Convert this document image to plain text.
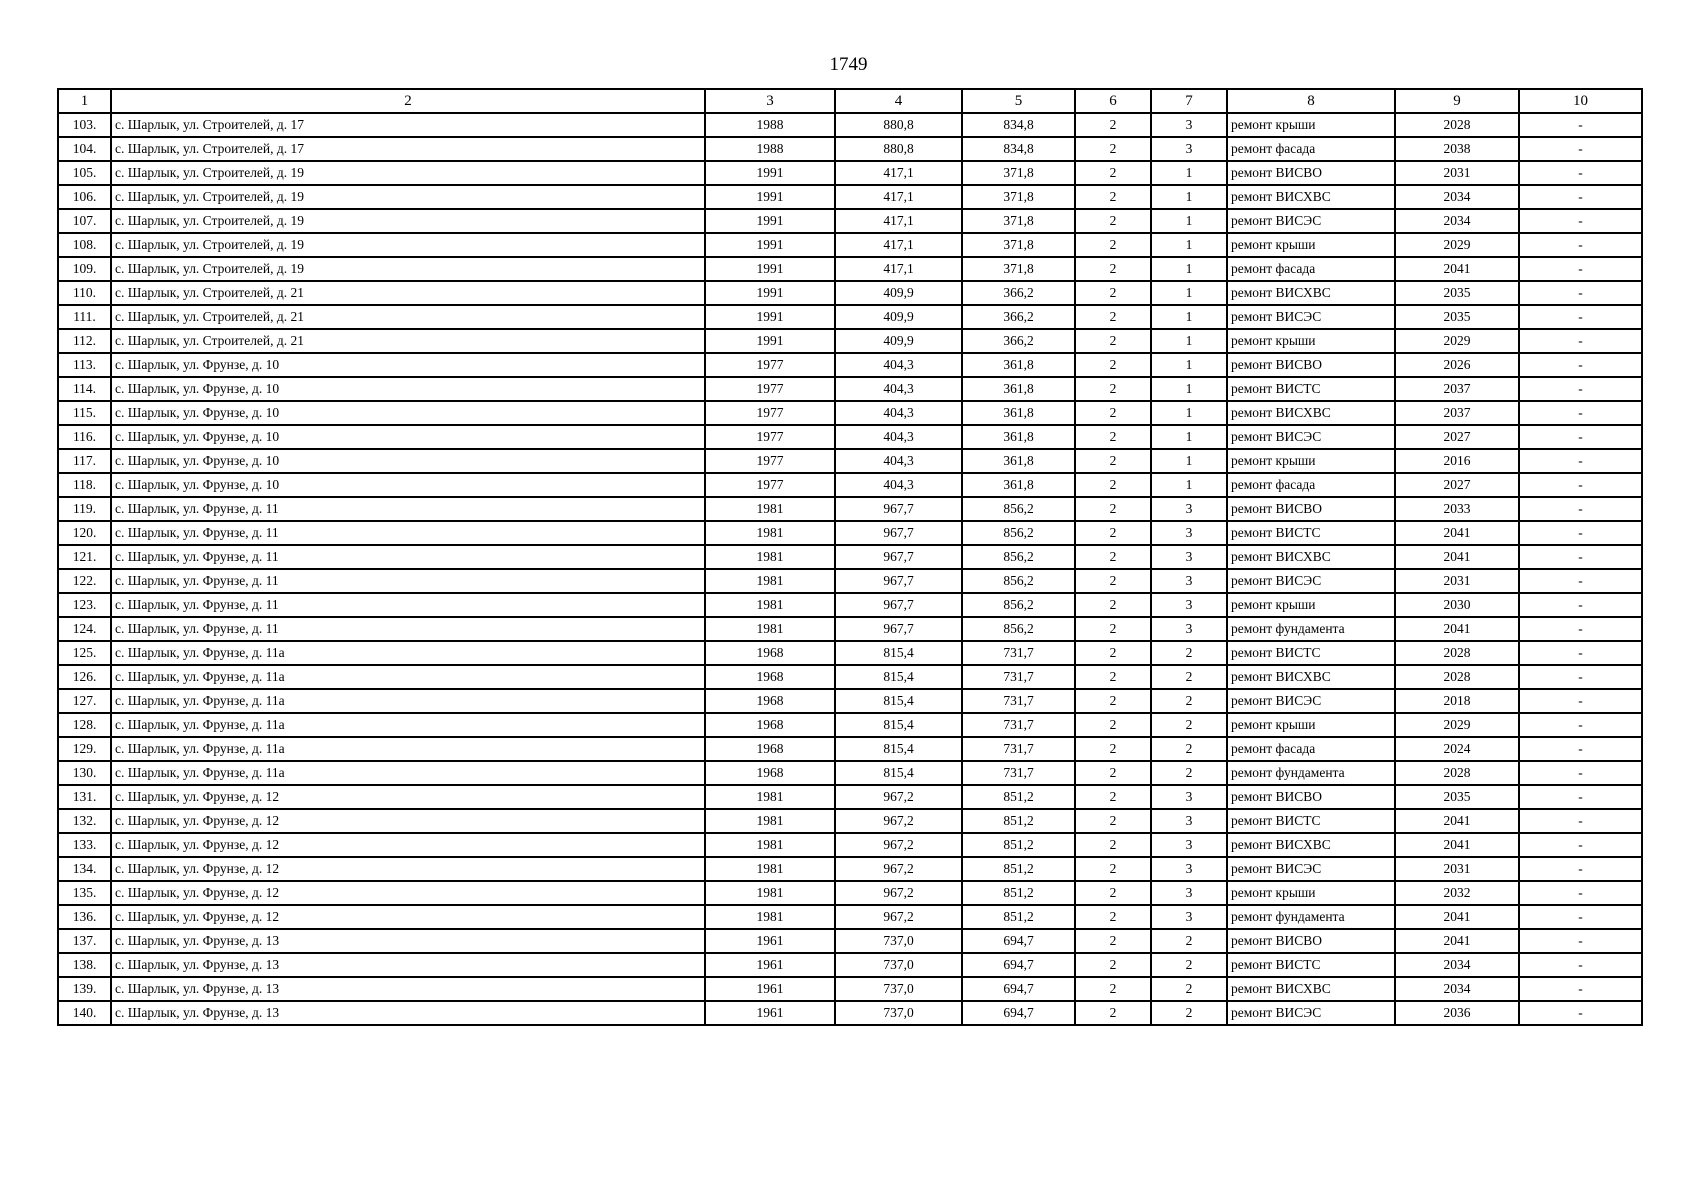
1749
1	2	3	4	5	6	7	8	9	10
103.	с. Шарлык, ул. Строителей, д. 17	1988	880,8	834,8	2	3	ремонт крыши	2028	-
104.	с. Шарлык, ул. Строителей, д. 17	1988	880,8	834,8	2	3	ремонт фасада	2038	-
105.	с. Шарлык, ул. Строителей, д. 19	1991	417,1	371,8	2	1	ремонт ВИСВО	2031	-
106.	с. Шарлык, ул. Строителей, д. 19	1991	417,1	371,8	2	1	ремонт ВИСХВС	2034	-
107.	с. Шарлык, ул. Строителей, д. 19	1991	417,1	371,8	2	1	ремонт ВИСЭС	2034	-
108.	с. Шарлык, ул. Строителей, д. 19	1991	417,1	371,8	2	1	ремонт крыши	2029	-
109.	с. Шарлык, ул. Строителей, д. 19	1991	417,1	371,8	2	1	ремонт фасада	2041	-
110.	с. Шарлык, ул. Строителей, д. 21	1991	409,9	366,2	2	1	ремонт ВИСХВС	2035	-
111.	с. Шарлык, ул. Строителей, д. 21	1991	409,9	366,2	2	1	ремонт ВИСЭС	2035	-
112.	с. Шарлык, ул. Строителей, д. 21	1991	409,9	366,2	2	1	ремонт крыши	2029	-
113.	с. Шарлык, ул. Фрунзе, д. 10	1977	404,3	361,8	2	1	ремонт ВИСВО	2026	-
114.	с. Шарлык, ул. Фрунзе, д. 10	1977	404,3	361,8	2	1	ремонт ВИСТС	2037	-
115.	с. Шарлык, ул. Фрунзе, д. 10	1977	404,3	361,8	2	1	ремонт ВИСХВС	2037	-
116.	с. Шарлык, ул. Фрунзе, д. 10	1977	404,3	361,8	2	1	ремонт ВИСЭС	2027	-
117.	с. Шарлык, ул. Фрунзе, д. 10	1977	404,3	361,8	2	1	ремонт крыши	2016	-
118.	с. Шарлык, ул. Фрунзе, д. 10	1977	404,3	361,8	2	1	ремонт фасада	2027	-
119.	с. Шарлык, ул. Фрунзе, д. 11	1981	967,7	856,2	2	3	ремонт ВИСВО	2033	-
120.	с. Шарлык, ул. Фрунзе, д. 11	1981	967,7	856,2	2	3	ремонт ВИСТС	2041	-
121.	с. Шарлык, ул. Фрунзе, д. 11	1981	967,7	856,2	2	3	ремонт ВИСХВС	2041	-
122.	с. Шарлык, ул. Фрунзе, д. 11	1981	967,7	856,2	2	3	ремонт ВИСЭС	2031	-
123.	с. Шарлык, ул. Фрунзе, д. 11	1981	967,7	856,2	2	3	ремонт крыши	2030	-
124.	с. Шарлык, ул. Фрунзе, д. 11	1981	967,7	856,2	2	3	ремонт фундамента	2041	-
125.	с. Шарлык, ул. Фрунзе, д. 11а	1968	815,4	731,7	2	2	ремонт ВИСТС	2028	-
126.	с. Шарлык, ул. Фрунзе, д. 11а	1968	815,4	731,7	2	2	ремонт ВИСХВС	2028	-
127.	с. Шарлык, ул. Фрунзе, д. 11а	1968	815,4	731,7	2	2	ремонт ВИСЭС	2018	-
128.	с. Шарлык, ул. Фрунзе, д. 11а	1968	815,4	731,7	2	2	ремонт крыши	2029	-
129.	с. Шарлык, ул. Фрунзе, д. 11а	1968	815,4	731,7	2	2	ремонт фасада	2024	-
130.	с. Шарлык, ул. Фрунзе, д. 11а	1968	815,4	731,7	2	2	ремонт фундамента	2028	-
131.	с. Шарлык, ул. Фрунзе, д. 12	1981	967,2	851,2	2	3	ремонт ВИСВО	2035	-
132.	с. Шарлык, ул. Фрунзе, д. 12	1981	967,2	851,2	2	3	ремонт ВИСТС	2041	-
133.	с. Шарлык, ул. Фрунзе, д. 12	1981	967,2	851,2	2	3	ремонт ВИСХВС	2041	-
134.	с. Шарлык, ул. Фрунзе, д. 12	1981	967,2	851,2	2	3	ремонт ВИСЭС	2031	-
135.	с. Шарлык, ул. Фрунзе, д. 12	1981	967,2	851,2	2	3	ремонт крыши	2032	-
136.	с. Шарлык, ул. Фрунзе, д. 12	1981	967,2	851,2	2	3	ремонт фундамента	2041	-
137.	с. Шарлык, ул. Фрунзе, д. 13	1961	737,0	694,7	2	2	ремонт ВИСВО	2041	-
138.	с. Шарлык, ул. Фрунзе, д. 13	1961	737,0	694,7	2	2	ремонт ВИСТС	2034	-
139.	с. Шарлык, ул. Фрунзе, д. 13	1961	737,0	694,7	2	2	ремонт ВИСХВС	2034	-
140.	с. Шарлык, ул. Фрунзе, д. 13	1961	737,0	694,7	2	2	ремонт ВИСЭС	2036	-
